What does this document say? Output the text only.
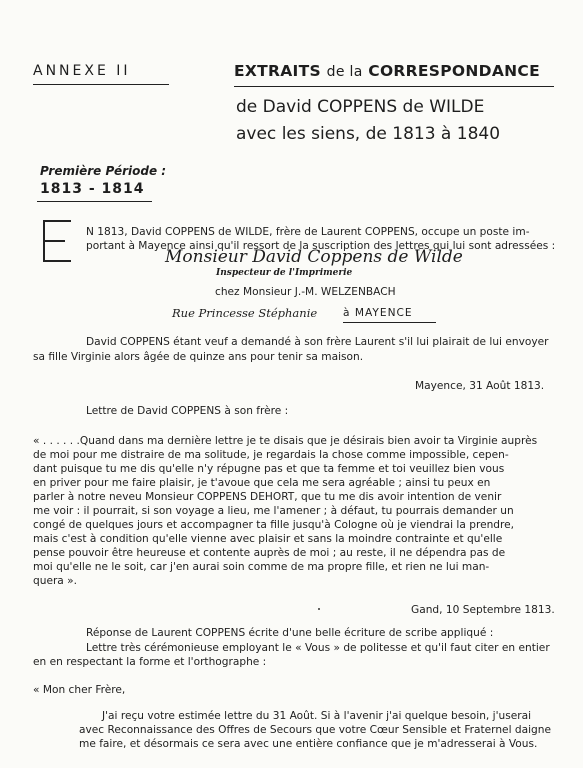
ANNEXE II	EXTRAITS de la CORRESPONDANCE
de David COPPENS de WILDE
avec les siens, de 1813 à 1840
Première Période :
1813 - 1814
N 1813, David COPPENS de WILDE, frère de Laurent COPPENS, occupe un poste im-
portant à Mayence ainsi qu'il ressort de la suscription des lettres qui lui sont adressées :
Monsieur David Coppens de Wilde
Inspecteur de l'Imprimerie
chez Monsieur J.-M. WELZENBACH
Rue Princesse Stéphanie à MAYENCE
David COPPENS étant veuf a demandé à son frère Laurent s'il lui plairait de lui envoyer
sa fille Virginie alors âgée de quinze ans pour tenir sa maison.
Mayence, 31 Août 1813.
Lettre de David COPPENS à son frère :
« . . . . . .Quand dans ma dernière lettre je te disais que je désirais bien avoir ta Virginie auprès
de moi pour me distraire de ma solitude, je regardais la chose comme impossible, cepen-
dant puisque tu me dis qu'elle n'y répugne pas et que ta femme et toi veuillez bien vous
en priver pour me faire plaisir, je t'avoue que cela me sera agréable ; ainsi tu peux en
parler à notre neveu Monsieur COPPENS DEHORT, que tu me dis avoir intention de venir
me voir : il pourrait, si son voyage a lieu, me l'amener ; à défaut, tu pourrais demander un
congé de quelques jours et accompagner ta fille jusqu'à Cologne où je viendrai la prendre,
mais c'est à condition qu'elle vienne avec plaisir et sans la moindre contrainte et qu'elle
pense pouvoir être heureuse et contente auprès de moi ; au reste, il ne dépendra pas de
moi qu'elle ne le soit, car j'en aurai soin comme de ma propre fille, et rien ne lui man-
quera ».
Gand, 10 Septembre 1813.
Réponse de Laurent COPPENS écrite d'une belle écriture de scribe appliqué :
Lettre très cérémonieuse employant le « Vous » de politesse et qu'il faut citer en entier
en en respectant la forme et l'orthographe :
« Mon cher Frère,
J'ai reçu votre estimée lettre du 31 Août. Si à l'avenir j'ai quelque besoin, j'userai
avec Reconnaissance des Offres de Secours que votre Cœur Sensible et Fraternel daigne
me faire, et désormais ce sera avec une entière confiance que je m'adresserai à Vous.
